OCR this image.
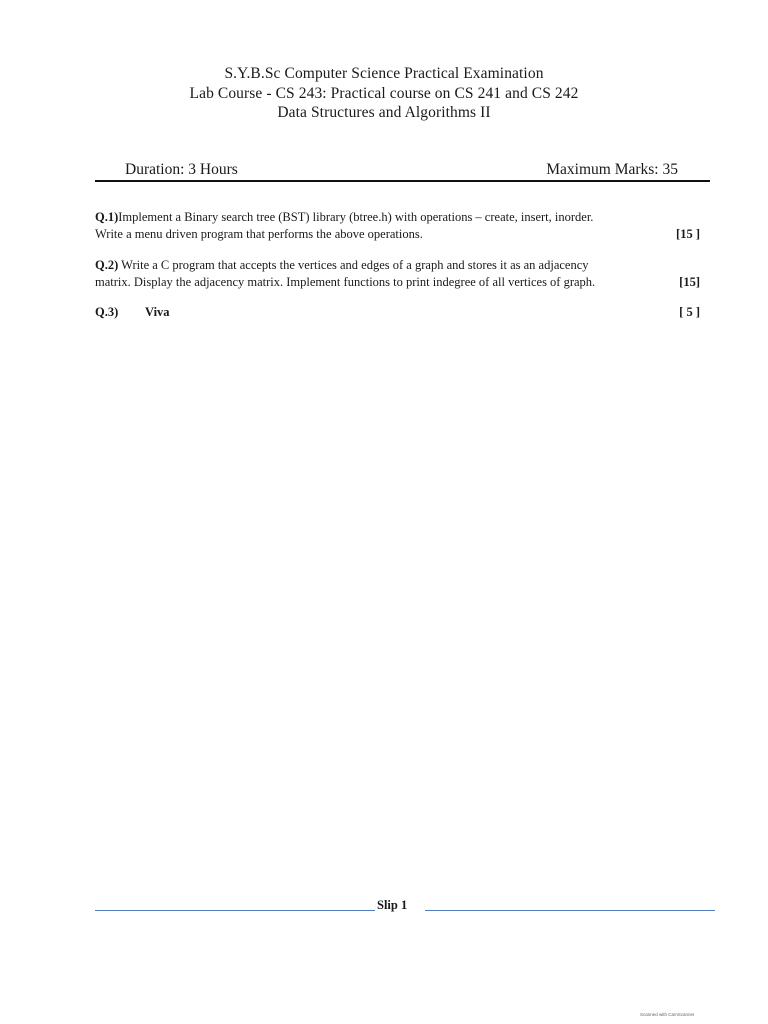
S.Y.B.Sc Computer Science Practical Examination
Lab Course - CS 243: Practical course on CS 241 and CS 242
Data Structures and Algorithms II
Duration: 3 Hours	Maximum Marks: 35
Q.1)Implement a Binary search tree (BST) library (btree.h) with operations – create, insert, inorder.
Write a menu driven program that performs the above operations.	[15 ]
Q.2) Write a C program that accepts the vertices and edges of a graph and stores it as an adjacency
matrix. Display the adjacency matrix. Implement functions to print indegree of all vertices of graph.	[15]
Q.3) Viva	[ 5 ]
Slip 1
Scanned with CamScanner
